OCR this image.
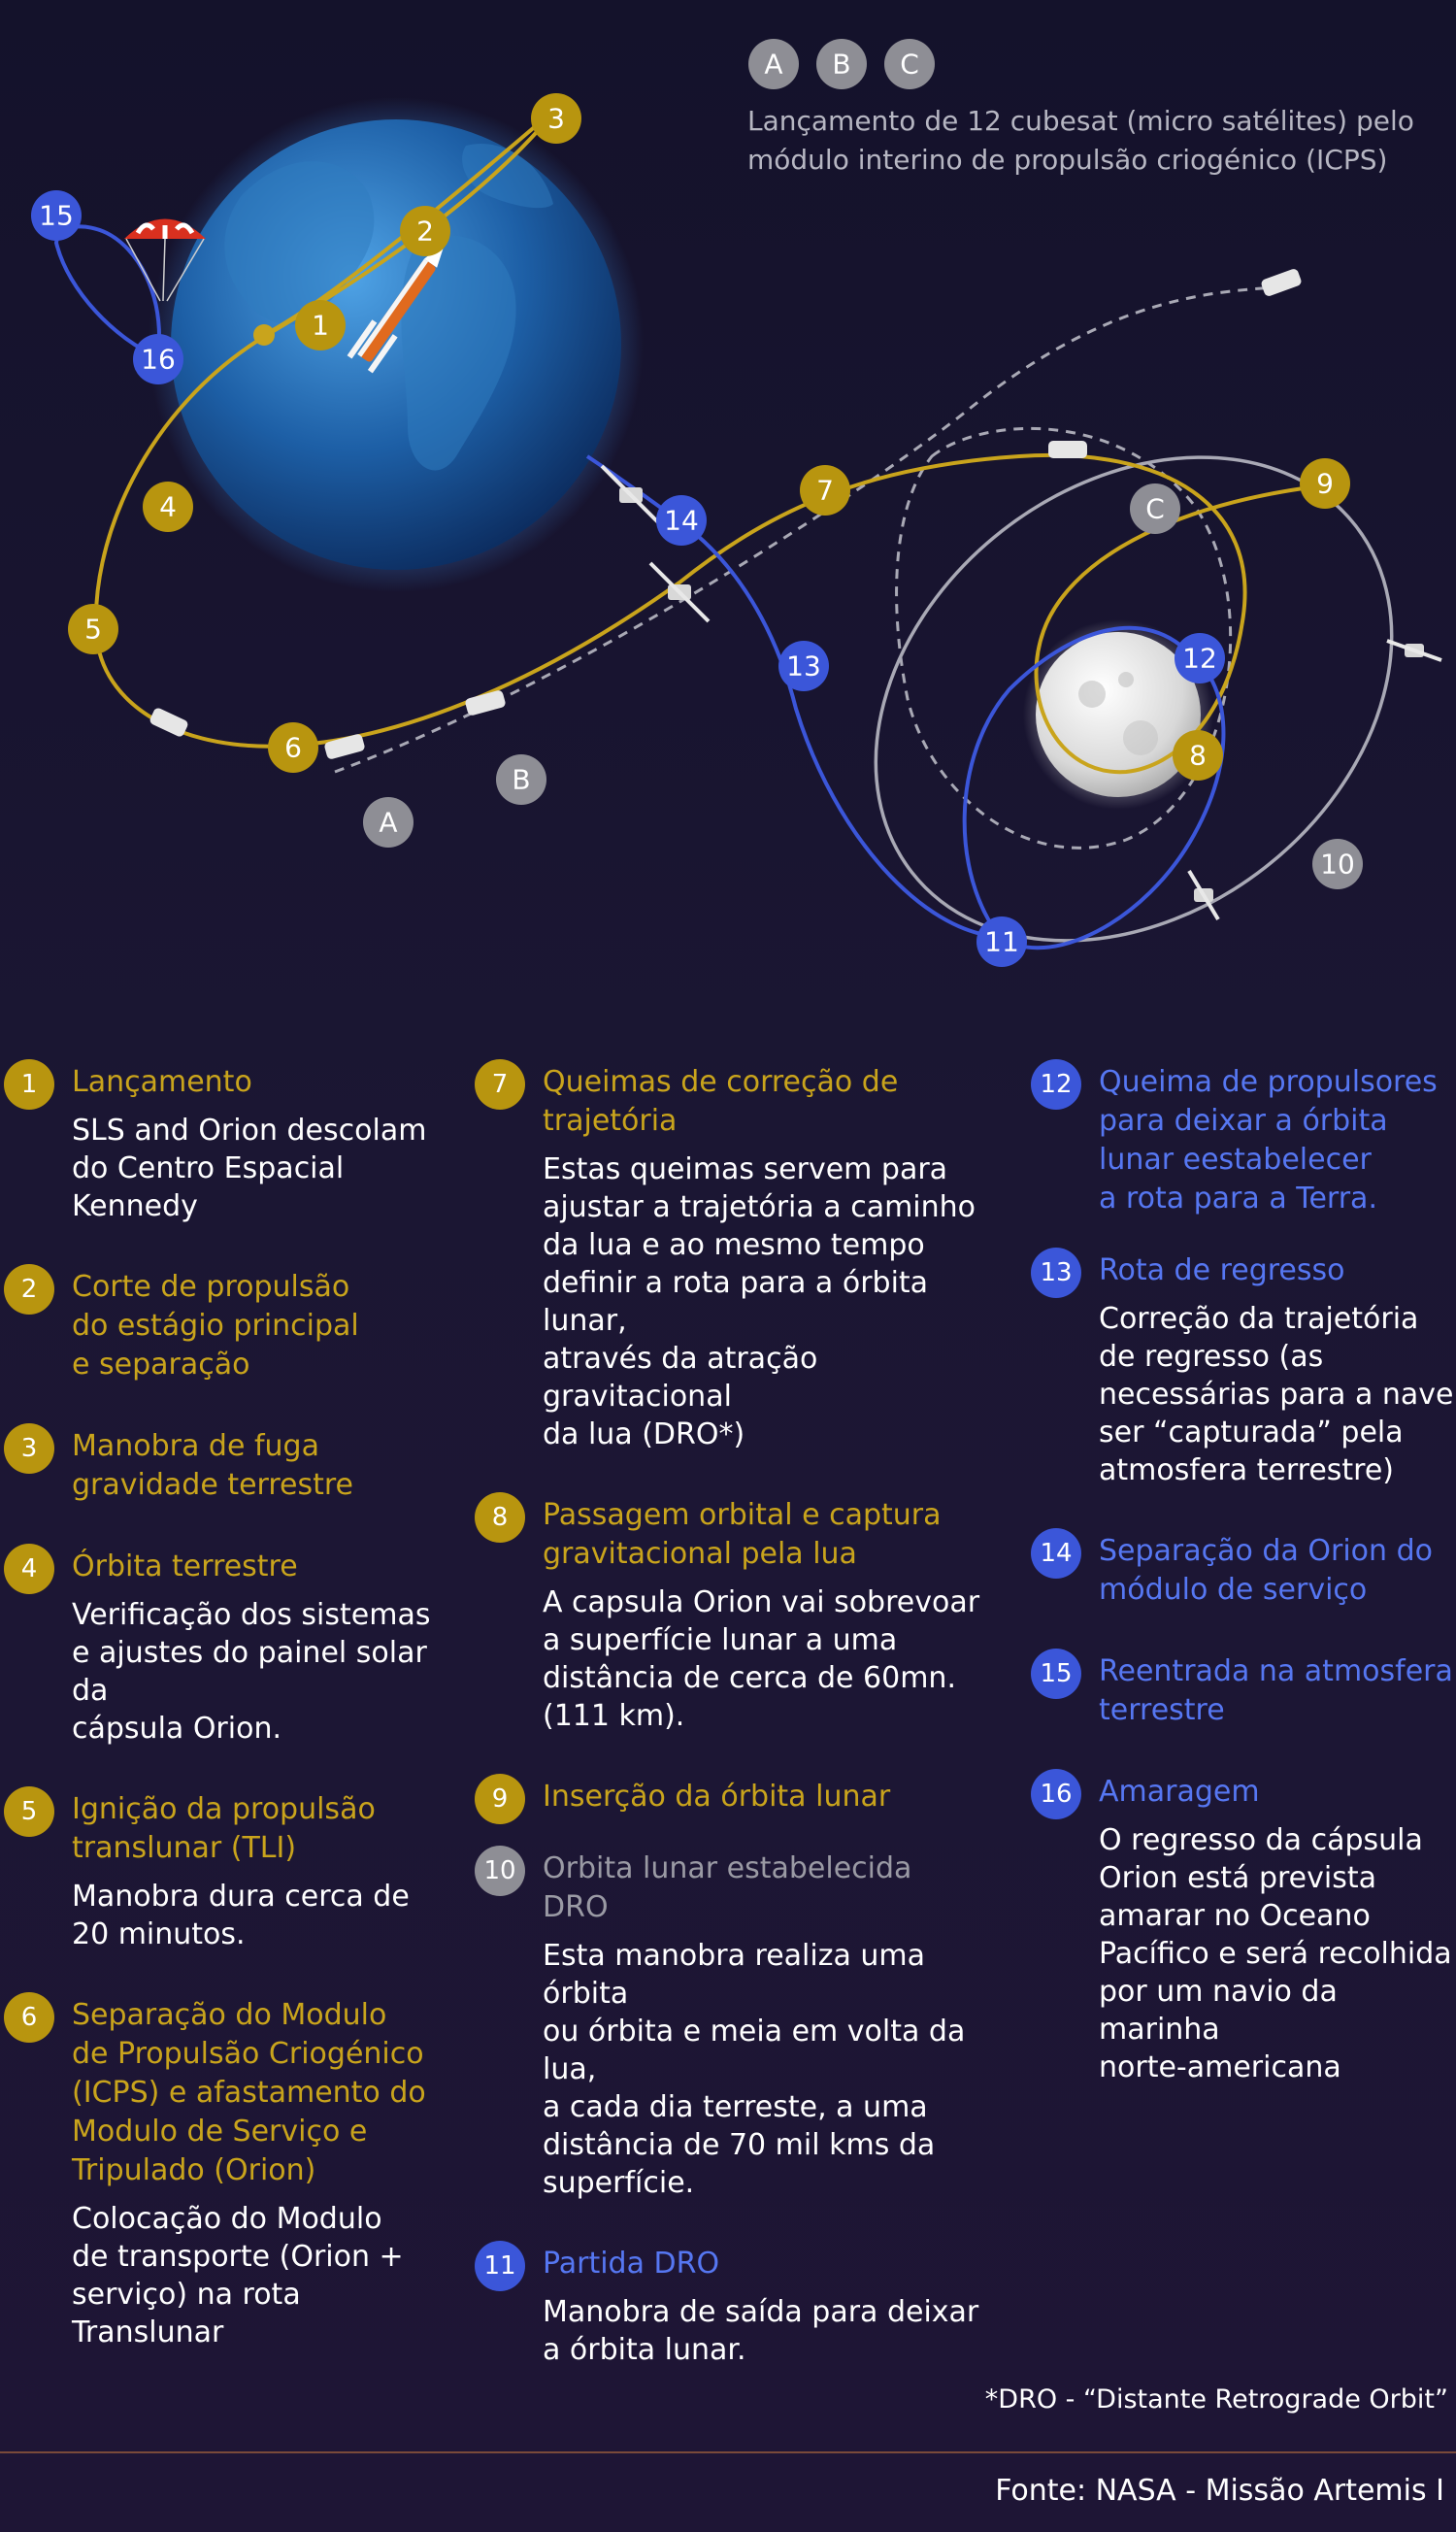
1
2
3
4
5
6
7
8
9
10
11
12
13
14
15
16
A
B
C
A B C
Lançamento de 12 cubesat (micro satélites) pelo módulo interino de propulsão criogénico (ICPS)
1	Lançamento
SLS and Orion descolam
do Centro Espacial
Kennedy
2	Corte de propulsão
do estágio principal
e separação
3	Manobra de fuga
gravidade terrestre
4	Órbita terrestre
Verificação dos sistemas
e ajustes do painel solar da
cápsula Orion.
5	Ignição da propulsão
translunar (TLI)
Manobra dura cerca de
20 minutos.
6	Separação do Modulo
de Propulsão Criogénico
(ICPS) e afastamento do
Modulo de Serviço e
Tripulado (Orion)
Colocação do Modulo
de transporte (Orion +
serviço) na rota
Translunar
7	Queimas de correção de
trajetória
Estas queimas servem para
ajustar a trajetória a caminho
da lua e ao mesmo tempo
definir a rota para a órbita lunar,
através da atração gravitacional
da lua (DRO*)
8	Passagem orbital e captura
gravitacional pela lua
A capsula Orion vai sobrevoar
a superfície lunar a uma
distância de cerca de 60mn.
(111 km).
9	Inserção da órbita lunar
10 Orbita lunar estabelecida
DRO
Esta manobra realiza uma órbita
ou órbita e meia em volta da lua,
a cada dia terreste, a uma
distância de 70 mil kms da
superfície.
11 Partida DRO
Manobra de saída para deixar
a órbita lunar.
12 Queima de propulsores
para deixar a órbita
lunar eestabelecer
a rota para a Terra.
13 Rota de regresso
Correção da trajetória
de regresso (as
necessárias para a nave
ser “capturada” pela
atmosfera terrestre)
14 Separação da Orion do
módulo de serviço
15 Reentrada na atmosfera
terrestre
16 Amaragem
O regresso da cápsula
Orion está prevista
amarar no Oceano
Pacífico e será recolhida
por um navio da marinha
norte-americana
*DRO - “Distante Retrograde Orbit”
Fonte: NASA - Missão Artemis I
